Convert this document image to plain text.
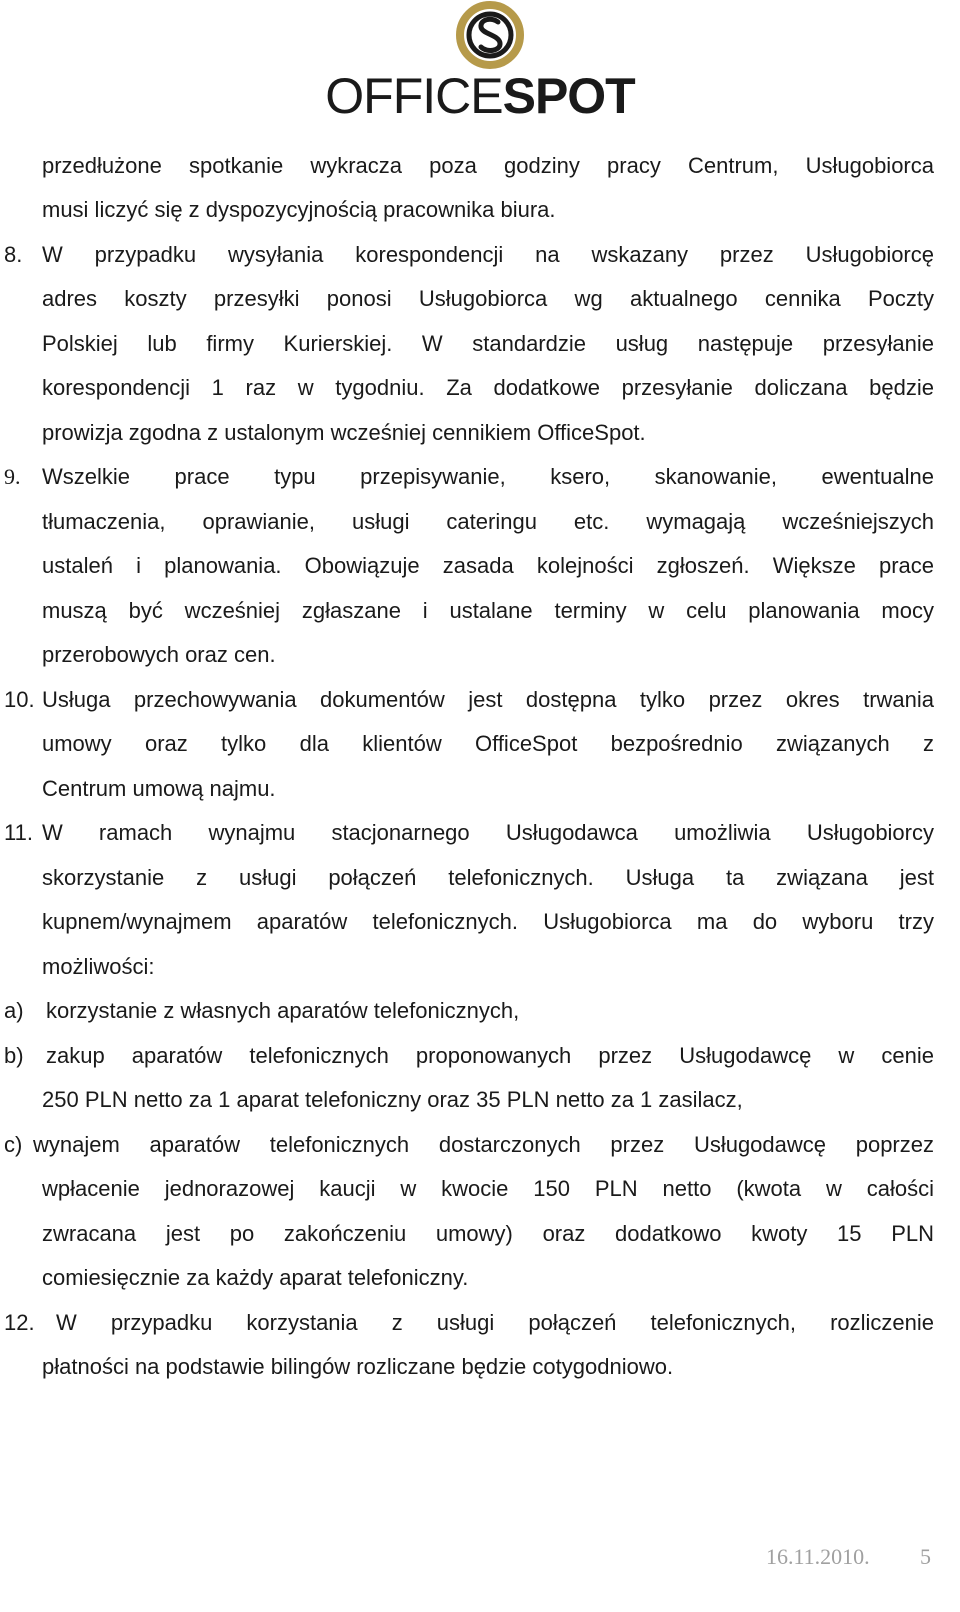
OFFICESPOT
przedłużone spotkanie wykracza poza godziny pracy Centrum, Usługobiorca
musi liczyć się z dyspozycyjnością pracownika biura.
8. W przypadku wysyłania korespondencji na wskazany przez Usługobiorcę
adres koszty przesyłki ponosi Usługobiorca wg aktualnego cennika Poczty
Polskiej lub firmy Kurierskiej. W standardzie usług następuje przesyłanie
korespondencji 1 raz w tygodniu. Za dodatkowe przesyłanie doliczana będzie
prowizja zgodna z ustalonym wcześniej cennikiem OfficeSpot.
9. Wszelkie prace typu przepisywanie, ksero, skanowanie, ewentualne
tłumaczenia, oprawianie, usługi cateringu etc. wymagają wcześniejszych
ustaleń i planowania. Obowiązuje zasada kolejności zgłoszeń. Większe prace
muszą być wcześniej zgłaszane i ustalane terminy w celu planowania mocy
przerobowych oraz cen.
10. Usługa przechowywania dokumentów jest dostępna tylko przez okres trwania
umowy oraz tylko dla klientów OfficeSpot bezpośrednio związanych z
Centrum umową najmu.
11. W ramach wynajmu stacjonarnego Usługodawca umożliwia Usługobiorcy
skorzystanie z usługi połączeń telefonicznych. Usługa ta związana jest
kupnem/wynajmem aparatów telefonicznych. Usługobiorca ma do wyboru trzy
możliwości:
a) korzystanie z własnych aparatów telefonicznych,
b) zakup aparatów telefonicznych proponowanych przez Usługodawcę w cenie
250 PLN netto za 1 aparat telefoniczny oraz 35 PLN netto za 1 zasilacz,
c) wynajem aparatów telefonicznych dostarczonych przez Usługodawcę poprzez
wpłacenie jednorazowej kaucji w kwocie 150 PLN netto (kwota w całości
zwracana jest po zakończeniu umowy) oraz dodatkowo kwoty 15 PLN
comiesięcznie za każdy aparat telefoniczny.
12. W przypadku korzystania z usługi połączeń telefonicznych, rozliczenie
płatności na podstawie bilingów rozliczane będzie cotygodniowo.
16.11.2010. 5
